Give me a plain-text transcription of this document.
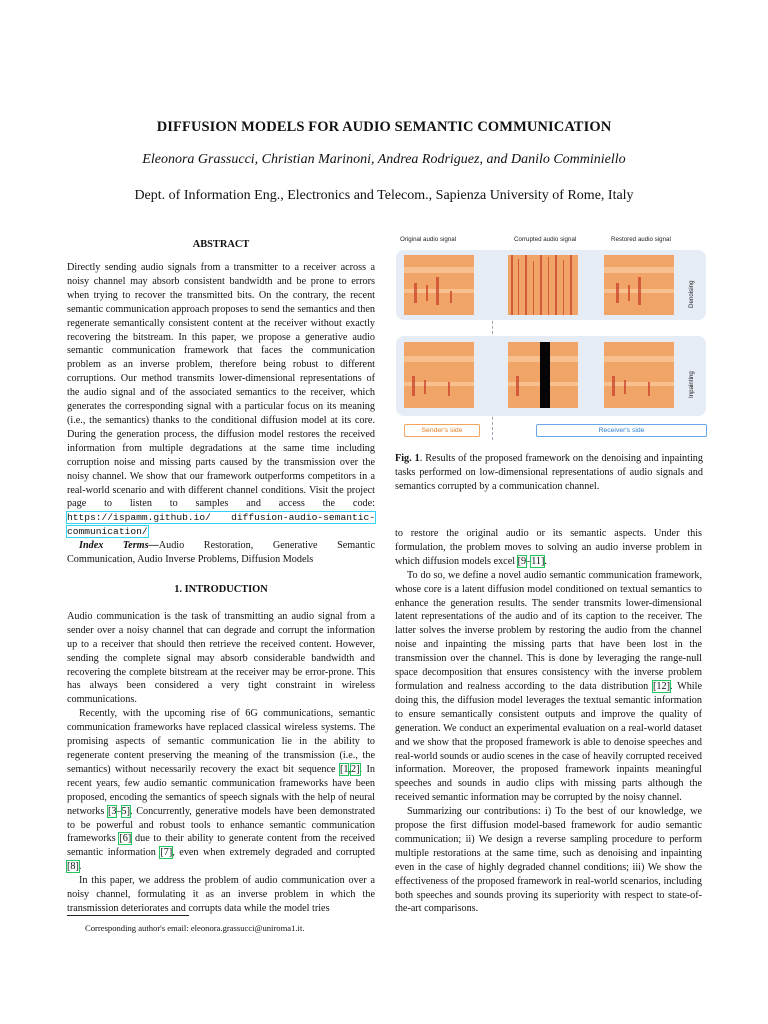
DIFFUSION MODELS FOR AUDIO SEMANTIC COMMUNICATION
Eleonora Grassucci, Christian Marinoni, Andrea Rodriguez, and Danilo Comminiello
Dept. of Information Eng., Electronics and Telecom., Sapienza University of Rome, Italy
ABSTRACT

Directly sending audio signals from a transmitter to a receiver across a noisy channel may absorb consistent bandwidth and be prone to errors when trying to recover the transmitted bits. On the contrary, the recent semantic communication approach proposes to send the semantics and then regenerate semantically consistent content at the receiver without exactly recovering the bitstream. In this paper, we propose a generative audio semantic communication framework that faces the communication problem as an inverse problem, therefore being robust to different corruptions. Our method transmits lower-dimensional representations of the audio signal and of the associated semantics to the receiver, which generates the corresponding signal with a particular focus on its meaning (i.e., the semantics) thanks to the conditional diffusion model at its core. During the generation process, the diffusion model restores the received information from multiple degradations at the same time including corruption noise and missing parts caused by the transmission over the noisy channel. We show that our framework outperforms competitors in a real-world scenario and with different channel conditions. Visit the project page to listen to samples and access the code: https://ispamm.github.io/ diffusion-audio-semantic-communication/

Index Terms—Audio Restoration, Generative Semantic Communication, Audio Inverse Problems, Diffusion Models

1. INTRODUCTION

Audio communication is the task of transmitting an audio signal from a sender over a noisy channel that can degrade and corrupt the information up to a receiver that should then retrieve the received content. However, sending the complete signal may absorb considerable bandwidth and recovering the complete bitstream at the receiver may be error-prone. This has always been considered a very tight constraint in wireless communications.

Recently, with the upcoming rise of 6G communications, semantic communication frameworks have replaced classical wireless systems. The promising aspects of semantic communication lie in the ability to regenerate content preserving the meaning of the transmission (i.e., the semantics) without necessarily recovery the exact bit sequence [1,2]. In recent years, few audio semantic communication frameworks have been proposed, encoding the semantics of speech signals with the help of neural networks [3–5]. Concurrently, generative models have been demonstrated to be powerful and robust tools to enhance semantic communication frameworks [6] due to their ability to generate content from the received semantic information [7], even when extremely degraded and corrupted [8].

In this paper, we address the problem of audio communication over a noisy channel, formulating it as an inverse problem in which the transmission deteriorates and corrupts data while the model tries

Corresponding author's email: eleonora.grassucci@uniroma1.it.
Original audio signal	Corrupted audio signal	Restored audio signal
Denoising
Inpainting
Sender's side	Receiver's side
Fig. 1. Results of the proposed framework on the denoising and inpainting tasks performed on low-dimensional representations of audio signals and semantics corrupted by a communication channel.

to restore the original audio or its semantic aspects. Under this formulation, the problem moves to solving an audio inverse problem in which diffusion models excel [9–11].

To do so, we define a novel audio semantic communication framework, whose core is a latent diffusion model conditioned on textual semantics to enhance the generation results. The sender transmits lower-dimensional latent representations of the audio and of its caption to the receiver. The latter solves the inverse problem by restoring the audio from the channel noise and inpainting the missing parts that have been lost in the transmission over the channel. This is done by leveraging the range-null space decomposition that ensures consistency with the inverse problem formulation and realness according to the data distribution [12]. While doing this, the diffusion model leverages the textual semantic information to ensure semantically consistent outputs and improve the quality of generation. We conduct an experimental evaluation on a real-world dataset and we show that the proposed framework is able to denoise speeches and real-world sounds or audio scenes in the case of heavily corrupted received information. Moreover, the proposed framework inpaints meaningful speeches and sounds in audio clips with missing parts although the received semantic information may be corrupted by the noisy channel.

Summarizing our contributions: i) To the best of our knowledge, we propose the first diffusion model-based framework for audio semantic communication; ii) We design a reverse sampling procedure to perform multiple restorations at the same time, such as denoising and inpainting even in the case of highly degraded channel conditions; iii) We show the effectiveness of the proposed framework in real-world scenarios, including both speeches and sounds proving its superiority with respect to state-of-the-art comparisons.
